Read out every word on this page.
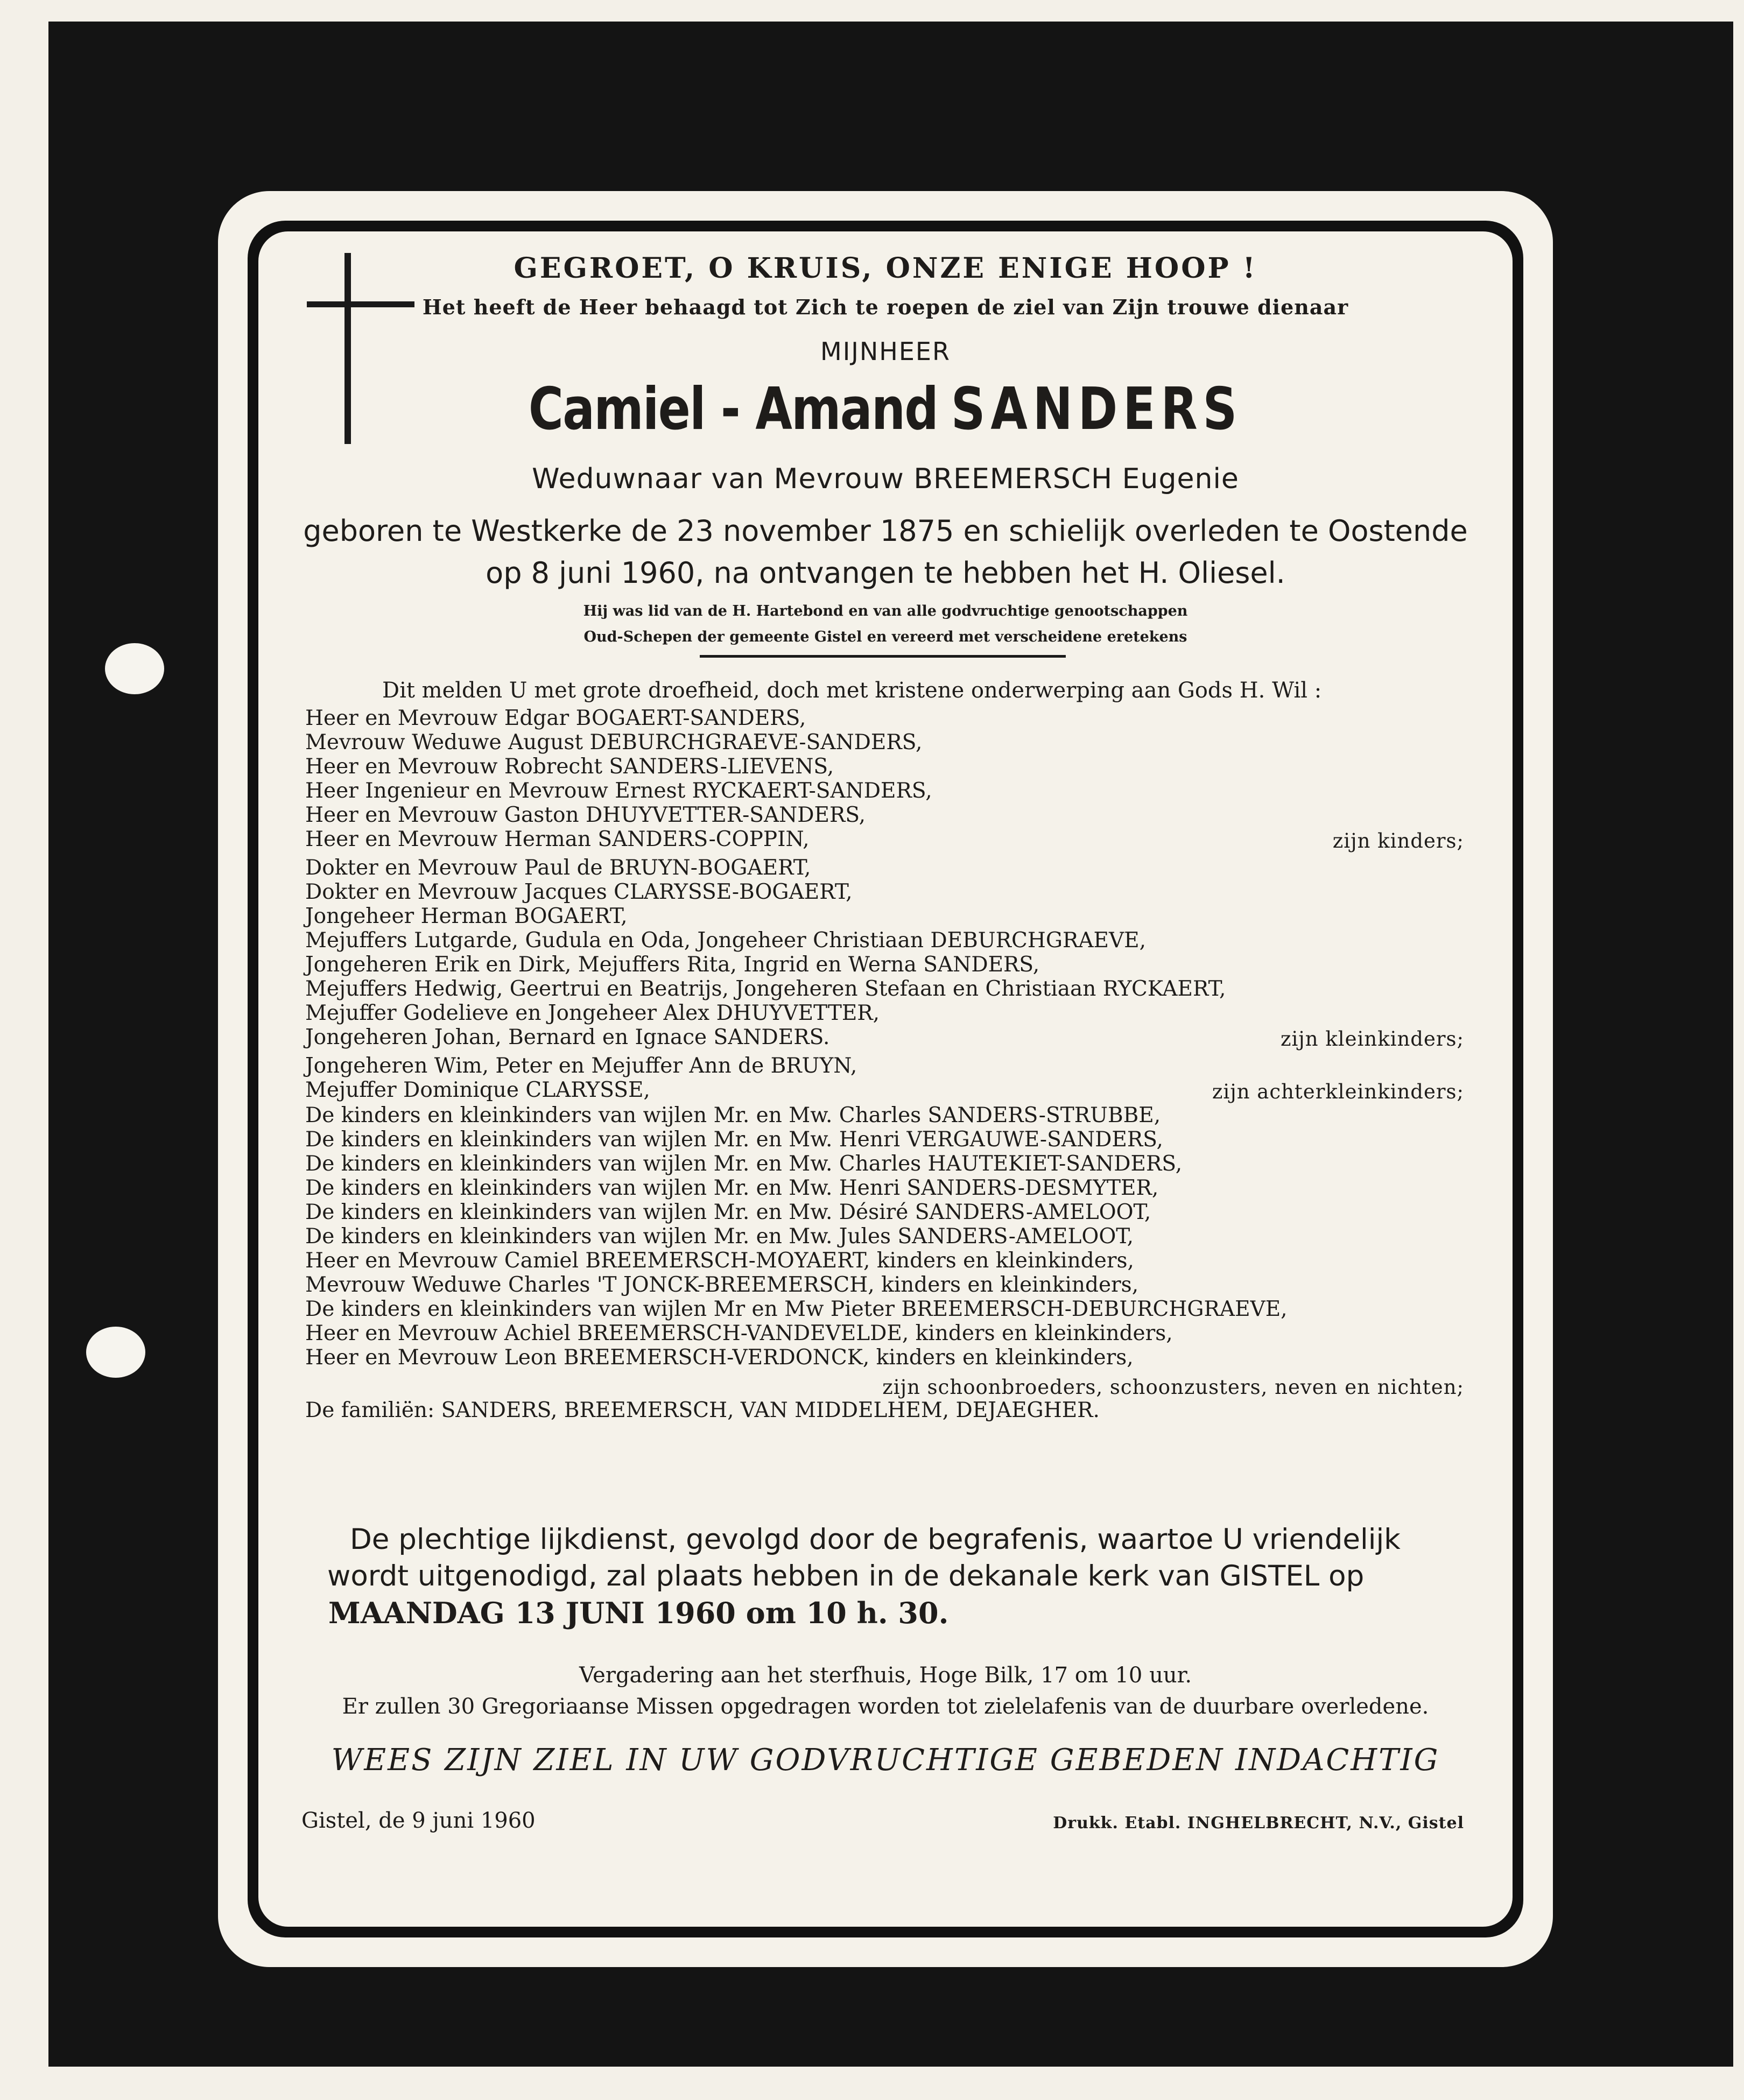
GEGROET, O KRUIS, ONZE ENIGE HOOP !
Het heeft de Heer behaagd tot Zich te roepen de ziel van Zijn trouwe dienaar
MIJNHEER
Camiel - Amand SANDERS
Weduwnaar van Mevrouw BREEMERSCH Eugenie
geboren te Westkerke de 23 november 1875 en schielijk overleden te Oostende
op 8 juni 1960, na ontvangen te hebben het H. Oliesel.
Hij was lid van de H. Hartebond en van alle godvruchtige genootschappen
Oud-Schepen der gemeente Gistel en vereerd met verscheidene eretekens
Dit melden U met grote droefheid, doch met kristene onderwerping aan Gods H. Wil :
Heer en Mevrouw Edgar BOGAERT-SANDERS,
Mevrouw Weduwe August DEBURCHGRAEVE-SANDERS,
Heer en Mevrouw Robrecht SANDERS-LIEVENS,
Heer Ingenieur en Mevrouw Ernest RYCKAERT-SANDERS,
Heer en Mevrouw Gaston DHUYVETTER-SANDERS,
Heer en Mevrouw Herman SANDERS-COPPIN,	zijn kinders;
Dokter en Mevrouw Paul de BRUYN-BOGAERT,
Dokter en Mevrouw Jacques CLARYSSE-BOGAERT,
Jongeheer Herman BOGAERT,
Mejuffers Lutgarde, Gudula en Oda, Jongeheer Christiaan DEBURCHGRAEVE,
Jongeheren Erik en Dirk, Mejuffers Rita, Ingrid en Werna SANDERS,
Mejuffers Hedwig, Geertrui en Beatrijs, Jongeheren Stefaan en Christiaan RYCKAERT,
Mejuffer Godelieve en Jongeheer Alex DHUYVETTER,
Jongeheren Johan, Bernard en Ignace SANDERS.	zijn kleinkinders;
Jongeheren Wim, Peter en Mejuffer Ann de BRUYN,
Mejuffer Dominique CLARYSSE,	zijn achterkleinkinders;
De kinders en kleinkinders van wijlen Mr. en Mw. Charles SANDERS-STRUBBE,
De kinders en kleinkinders van wijlen Mr. en Mw. Henri VERGAUWE-SANDERS,
De kinders en kleinkinders van wijlen Mr. en Mw. Charles HAUTEKIET-SANDERS,
De kinders en kleinkinders van wijlen Mr. en Mw. Henri SANDERS-DESMYTER,
De kinders en kleinkinders van wijlen Mr. en Mw. Désiré SANDERS-AMELOOT,
De kinders en kleinkinders van wijlen Mr. en Mw. Jules SANDERS-AMELOOT,
Heer en Mevrouw Camiel BREEMERSCH-MOYAERT, kinders en kleinkinders,
Mevrouw Weduwe Charles 'T JONCK-BREEMERSCH, kinders en kleinkinders,
De kinders en kleinkinders van wijlen Mr en Mw Pieter BREEMERSCH-DEBURCHGRAEVE,
Heer en Mevrouw Achiel BREEMERSCH-VANDEVELDE, kinders en kleinkinders,
Heer en Mevrouw Leon BREEMERSCH-VERDONCK, kinders en kleinkinders,
zijn schoonbroeders, schoonzusters, neven en nichten;
De familiën: SANDERS, BREEMERSCH, VAN MIDDELHEM, DEJAEGHER.
De plechtige lijkdienst, gevolgd door de begrafenis, waartoe U vriendelijk
wordt uitgenodigd, zal plaats hebben in de dekanale kerk van GISTEL op
MAANDAG 13 JUNI 1960 om 10 h. 30.
Vergadering aan het sterfhuis, Hoge Bilk, 17 om 10 uur.
Er zullen 30 Gregoriaanse Missen opgedragen worden tot zielelafenis van de duurbare overledene.
WEES ZIJN ZIEL IN UW GODVRUCHTIGE GEBEDEN INDACHTIG
Gistel, de 9 juni 1960	Drukk. Etabl. INGHELBRECHT, N.V., Gistel
